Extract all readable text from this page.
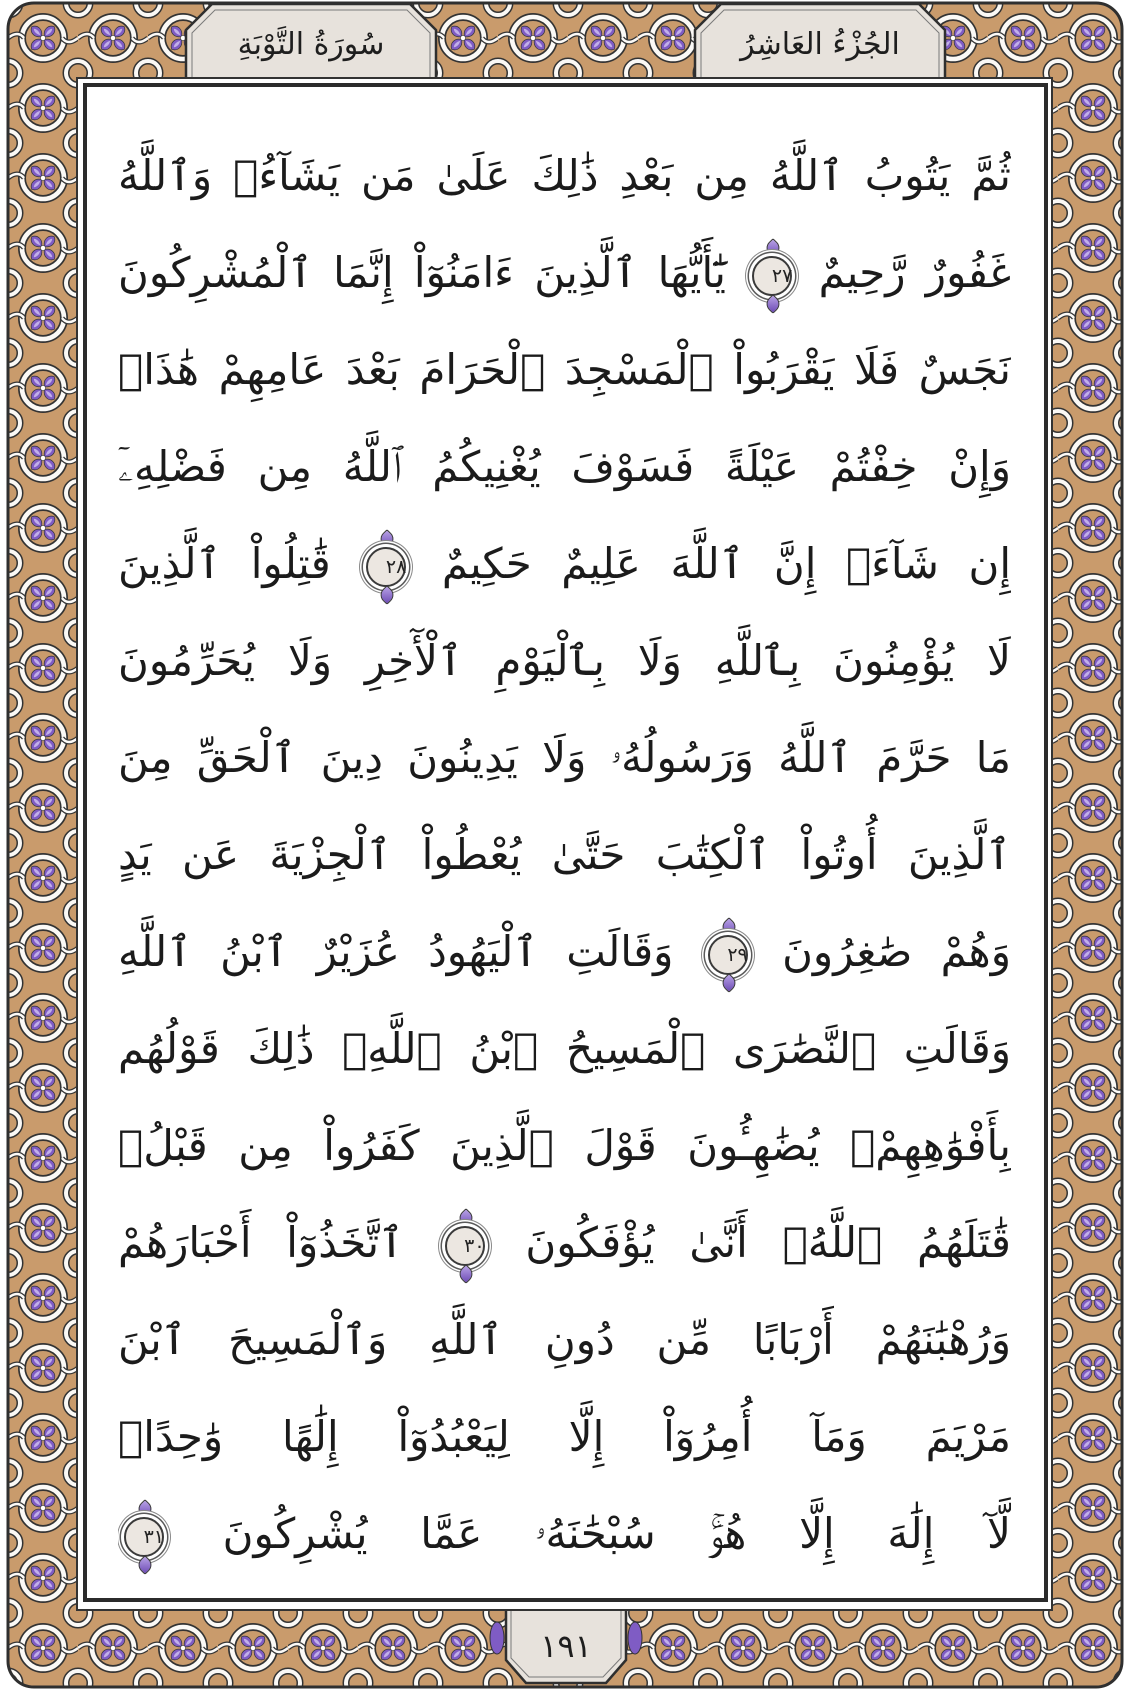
سُورَةُ التَّوْبَةِ	الجُزْءُ العَاشِرُ
ثُمَّ يَتُوبُ ٱللَّهُ مِن بَعْدِ ذَٰلِكَ عَلَىٰ مَن يَشَآءُۗ وَٱللَّهُ
غَفُورٌ رَّحِيمٌ
٢٧
يَٰٓأَيُّهَا ٱلَّذِينَ ءَامَنُوٓاْ إِنَّمَا ٱلْمُشْرِكُونَ
نَجَسٌ فَلَا يَقْرَبُواْ ٱلْمَسْجِدَ ٱلْحَرَامَ بَعْدَ عَامِهِمْ هَٰذَاۚ
وَإِنْ خِفْتُمْ عَيْلَةً فَسَوْفَ يُغْنِيكُمُ ٱللَّهُ مِن فَضْلِهِۦٓ
إِن شَآءَۚ إِنَّ ٱللَّهَ عَلِيمٌ حَكِيمٌ
٢٨
قَٰتِلُواْ ٱلَّذِينَ
لَا يُؤْمِنُونَ بِٱللَّهِ وَلَا بِٱلْيَوْمِ ٱلْأٓخِرِ وَلَا يُحَرِّمُونَ
مَا حَرَّمَ ٱللَّهُ وَرَسُولُهُۥ وَلَا يَدِينُونَ دِينَ ٱلْحَقِّ مِنَ
ٱلَّذِينَ أُوتُواْ ٱلْكِتَٰبَ حَتَّىٰ يُعْطُواْ ٱلْجِزْيَةَ عَن يَدٍ
وَهُمْ صَٰغِرُونَ
٢٩
وَقَالَتِ ٱلْيَهُودُ عُزَيْرٌ ٱبْنُ ٱللَّهِ
وَقَالَتِ ٱلنَّصَٰرَى ٱلْمَسِيحُ ٱبْنُ ٱللَّهِۖ ذَٰلِكَ قَوْلُهُم
بِأَفْوَٰهِهِمْۖ يُضَٰهِـُٔونَ قَوْلَ ٱلَّذِينَ كَفَرُواْ مِن قَبْلُۚ
قَٰتَلَهُمُ ٱللَّهُۖ أَنَّىٰ يُؤْفَكُونَ
٣٠
ٱتَّخَذُوٓاْ أَحْبَارَهُمْ
وَرُهْبَٰنَهُمْ أَرْبَابًا مِّن دُونِ ٱللَّهِ وَٱلْمَسِيحَ ٱبْنَ
مَرْيَمَ وَمَآ أُمِرُوٓاْ إِلَّا لِيَعْبُدُوٓاْ إِلَٰهًا وَٰحِدًاۖ
لَّآ إِلَٰهَ إِلَّا هُوَۚ سُبْحَٰنَهُۥ عَمَّا يُشْرِكُونَ
٣١
١٩١
